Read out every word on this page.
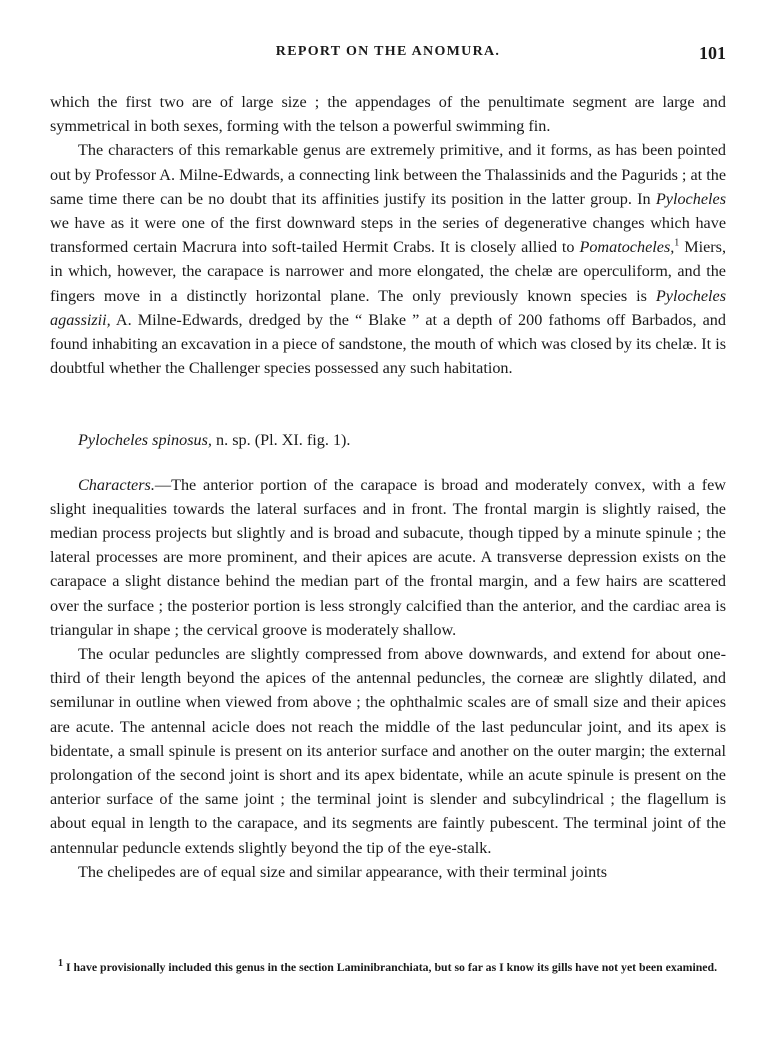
REPORT ON THE ANOMURA.	101

which the first two are of large size ; the appendages of the penultimate segment are large and symmetrical in both sexes, forming with the telson a powerful swimming fin.

The characters of this remarkable genus are extremely primitive, and it forms, as has been pointed out by Professor A. Milne-Edwards, a connecting link between the Thalassinids and the Pagurids ; at the same time there can be no doubt that its affinities justify its position in the latter group. In Pylocheles we have as it were one of the first downward steps in the series of degenerative changes which have transformed certain Macrura into soft-tailed Hermit Crabs. It is closely allied to Pomatocheles,$^1$ Miers, in which, however, the carapace is narrower and more elongated, the chelæ are operculiform, and the fingers move in a distinctly horizontal plane. The only previously known species is Pylocheles agassizii, A. Milne-Edwards, dredged by the “ Blake ” at a depth of 200 fathoms off Barbados, and found inhabiting an excavation in a piece of sandstone, the mouth of which was closed by its chelæ. It is doubtful whether the Challenger species possessed any such habitation.

Pylocheles spinosus, n. sp. (Pl. XI. fig. 1).

Characters.—The anterior portion of the carapace is broad and moderately convex, with a few slight inequalities towards the lateral surfaces and in front. The frontal margin is slightly raised, the median process projects but slightly and is broad and subacute, though tipped by a minute spinule ; the lateral processes are more prominent, and their apices are acute. A transverse depression exists on the carapace a slight distance behind the median part of the frontal margin, and a few hairs are scattered over the surface ; the posterior portion is less strongly calcified than the anterior, and the cardiac area is triangular in shape ; the cervical groove is moderately shallow.

The ocular peduncles are slightly compressed from above downwards, and extend for about one-third of their length beyond the apices of the antennal peduncles, the corneæ are slightly dilated, and semilunar in outline when viewed from above ; the ophthalmic scales are of small size and their apices are acute. The antennal acicle does not reach the middle of the last peduncular joint, and its apex is bidentate, a small spinule is present on its anterior surface and another on the outer margin; the external prolongation of the second joint is short and its apex bidentate, while an acute spinule is present on the anterior surface of the same joint ; the terminal joint is slender and subcylindrical ; the flagellum is about equal in length to the carapace, and its segments are faintly pubescent. The terminal joint of the antennular peduncle extends slightly beyond the tip of the eye-stalk.

The chelipedes are of equal size and similar appearance, with their terminal joints

$^1$ I have provisionally included this genus in the section Laminibranchiata, but so far as I know its gills have not yet been examined.
